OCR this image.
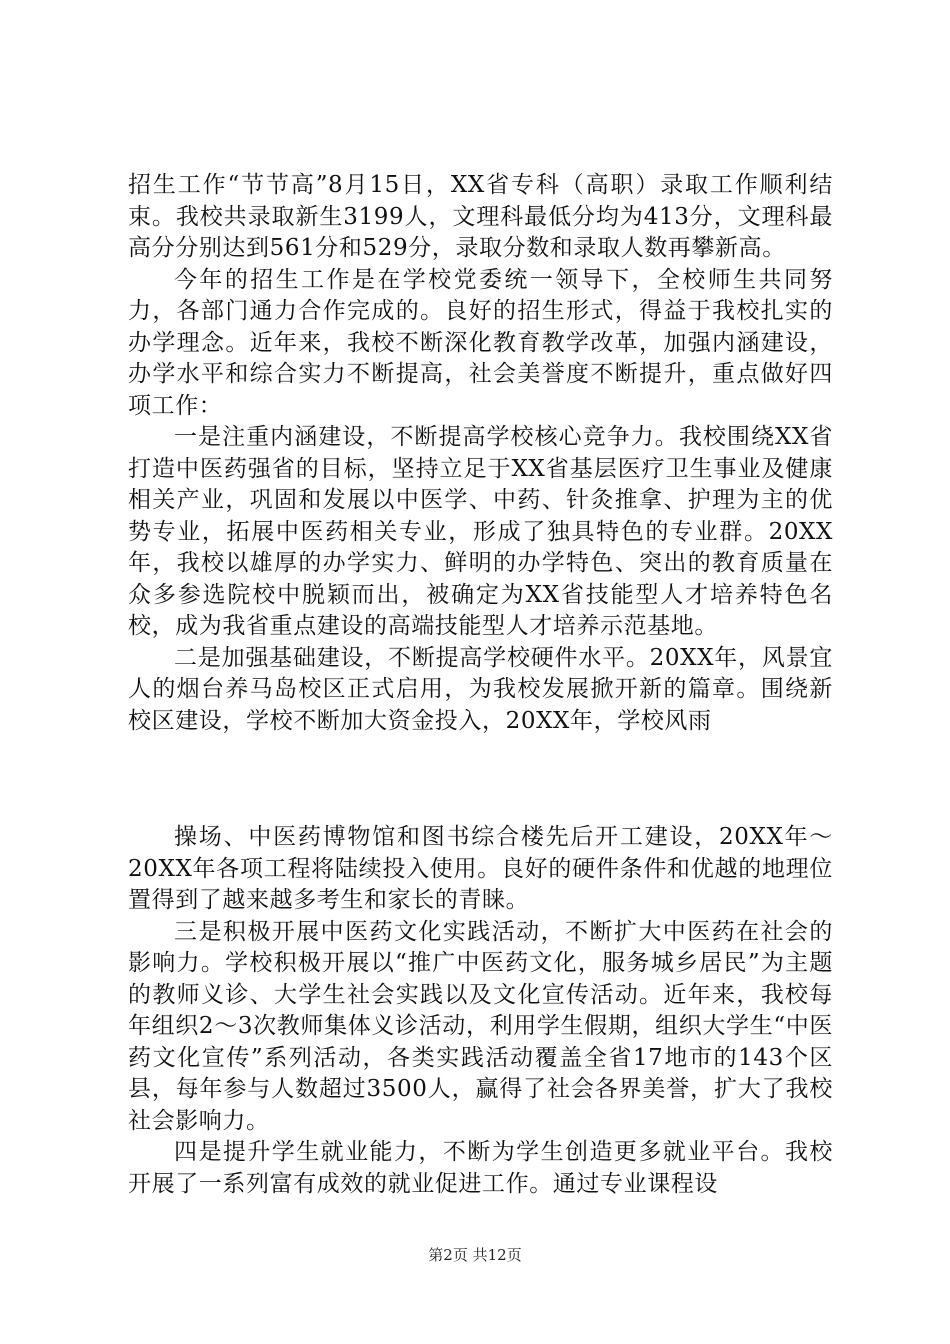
招生工作“节节高”8月15日，XX省专科（高职）录取工作顺利结束。我校共录取新生3199人，文理科最低分均为413分，文理科最高分分别达到561分和529分，录取分数和录取人数再攀新高。

今年的招生工作是在学校党委统一领导下，全校师生共同努力，各部门通力合作完成的。良好的招生形式，得益于我校扎实的办学理念。近年来，我校不断深化教育教学改革，加强内涵建设，办学水平和综合实力不断提高，社会美誉度不断提升，重点做好四项工作：

一是注重内涵建设，不断提高学校核心竞争力。我校围绕XX省打造中医药强省的目标，坚持立足于XX省基层医疗卫生事业及健康相关产业，巩固和发展以中医学、中药、针灸推拿、护理为主的优势专业，拓展中医药相关专业，形成了独具特色的专业群。20XX年，我校以雄厚的办学实力、鲜明的办学特色、突出的教育质量在众多参选院校中脱颖而出，被确定为XX省技能型人才培养特色名校，成为我省重点建设的高端技能型人才培养示范基地。

二是加强基础建设，不断提高学校硬件水平。20XX年，风景宜人的烟台养马岛校区正式启用，为我校发展掀开新的篇章。围绕新校区建设，学校不断加大资金投入，20XX年，学校风雨

操场、中医药博物馆和图书综合楼先后开工建设，20XX年～20XX年各项工程将陆续投入使用。良好的硬件条件和优越的地理位置得到了越来越多考生和家长的青睐。

三是积极开展中医药文化实践活动，不断扩大中医药在社会的影响力。学校积极开展以“推广中医药文化，服务城乡居民”为主题的教师义诊、大学生社会实践以及文化宣传活动。近年来，我校每年组织2～3次教师集体义诊活动，利用学生假期，组织大学生“中医药文化宣传”系列活动，各类实践活动覆盖全省17地市的143个区县，每年参与人数超过3500人，赢得了社会各界美誉，扩大了我校社会影响力。

四是提升学生就业能力，不断为学生创造更多就业平台。我校开展了一系列富有成效的就业促进工作。通过专业课程设

第2页 共12页
